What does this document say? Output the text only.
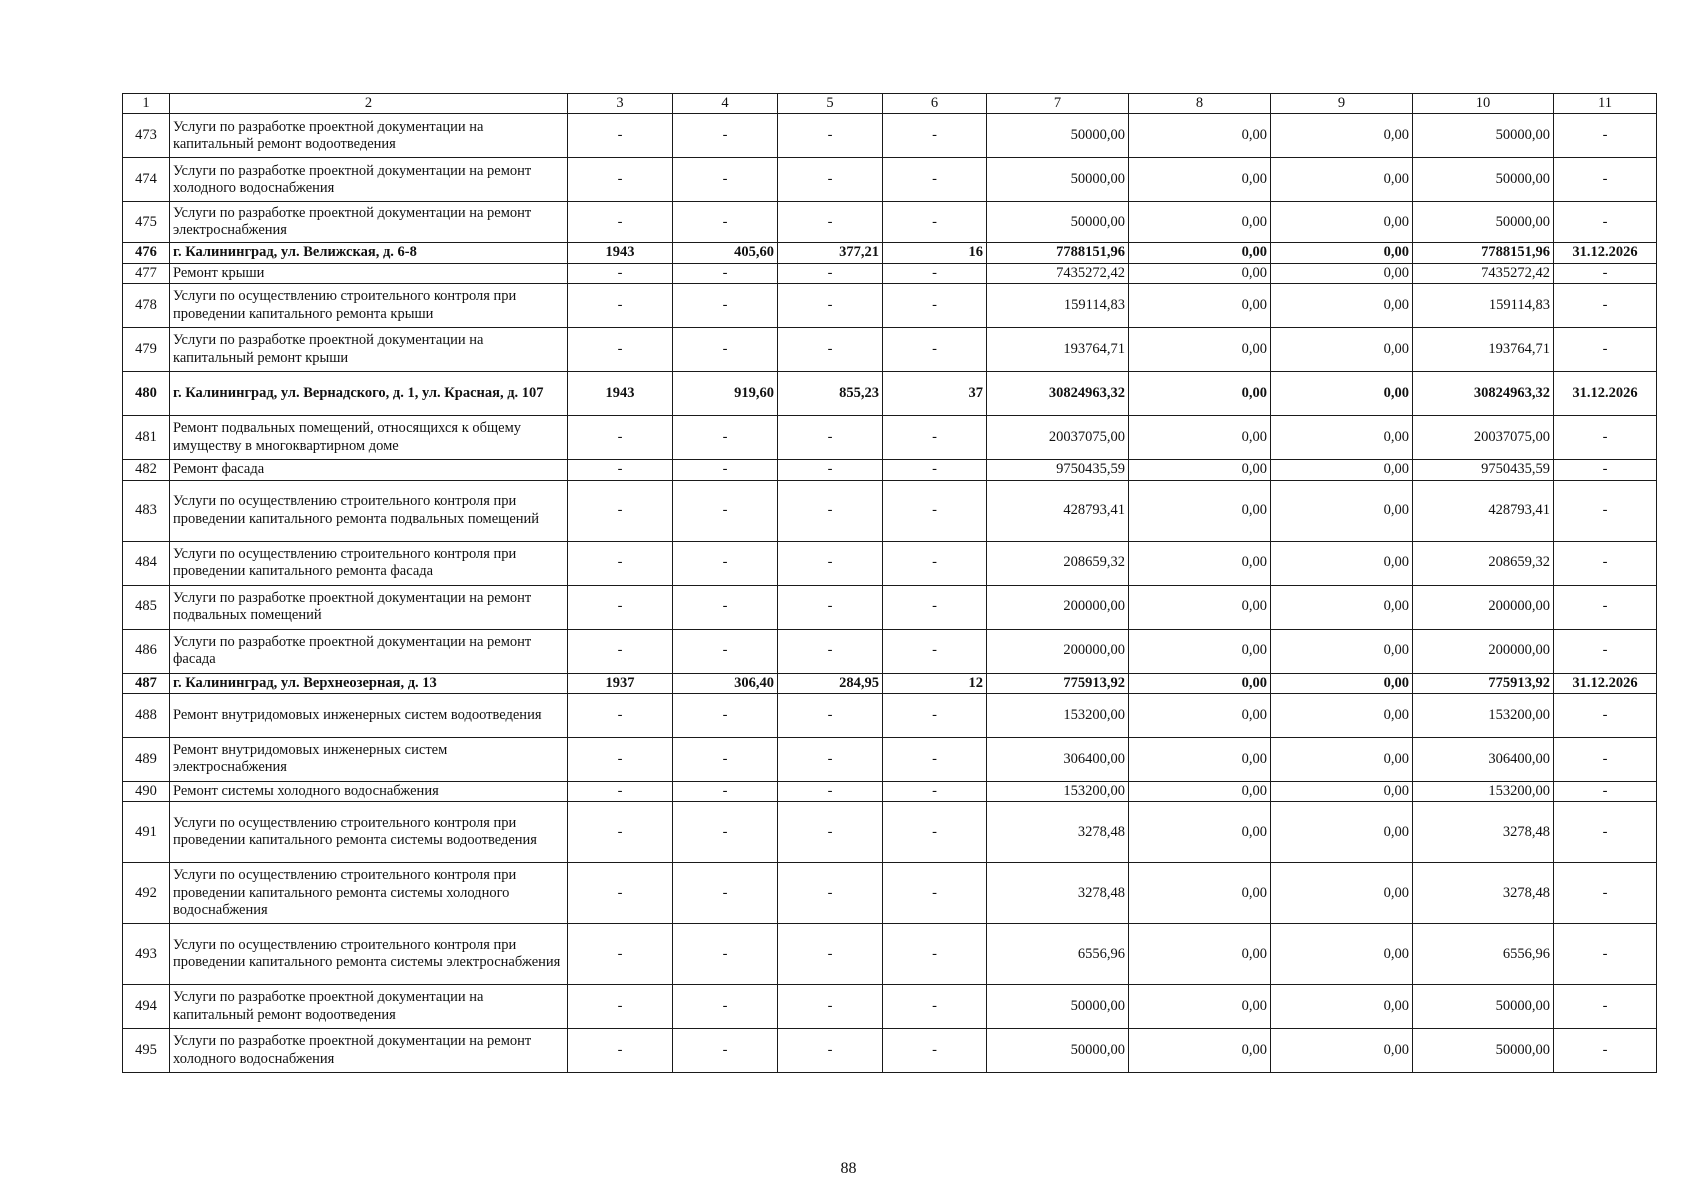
1	2	3	4	5	6	7	8	9	10	11
473	Услуги по разработке проектной документации на капитальный ремонт водоотведения	-	-	-	-	50000,00	0,00	0,00	50000,00	-
474	Услуги по разработке проектной документации на ремонт холодного водоснабжения	-	-	-	-	50000,00	0,00	0,00	50000,00	-
475	Услуги по разработке проектной документации на ремонт электроснабжения	-	-	-	-	50000,00	0,00	0,00	50000,00	-
476	г. Калининград, ул. Велижская, д. 6-8	1943	405,60	377,21	16	7788151,96	0,00	0,00	7788151,96	31.12.2026
477	Ремонт крыши	-	-	-	-	7435272,42	0,00	0,00	7435272,42	-
478	Услуги по осуществлению строительного контроля при проведении капитального ремонта крыши	-	-	-	-	159114,83	0,00	0,00	159114,83	-
479	Услуги по разработке проектной документации на капитальный ремонт крыши	-	-	-	-	193764,71	0,00	0,00	193764,71	-
480	г. Калининград, ул. Вернадского, д. 1, ул. Красная, д. 107	1943	919,60	855,23	37	30824963,32	0,00	0,00	30824963,32	31.12.2026
481	Ремонт подвальных помещений, относящихся к общему имуществу в многоквартирном доме	-	-	-	-	20037075,00	0,00	0,00	20037075,00	-
482	Ремонт фасада	-	-	-	-	9750435,59	0,00	0,00	9750435,59	-
483	Услуги по осуществлению строительного контроля при проведении капитального ремонта подвальных помещений	-	-	-	-	428793,41	0,00	0,00	428793,41	-
484	Услуги по осуществлению строительного контроля при проведении капитального ремонта фасада	-	-	-	-	208659,32	0,00	0,00	208659,32	-
485	Услуги по разработке проектной документации на ремонт подвальных помещений	-	-	-	-	200000,00	0,00	0,00	200000,00	-
486	Услуги по разработке проектной документации на ремонт фасада	-	-	-	-	200000,00	0,00	0,00	200000,00	-
487	г. Калининград, ул. Верхнеозерная, д. 13	1937	306,40	284,95	12	775913,92	0,00	0,00	775913,92	31.12.2026
488	Ремонт внутридомовых инженерных систем водоотведения	-	-	-	-	153200,00	0,00	0,00	153200,00	-
489	Ремонт внутридомовых инженерных систем электроснабжения	-	-	-	-	306400,00	0,00	0,00	306400,00	-
490	Ремонт системы холодного водоснабжения	-	-	-	-	153200,00	0,00	0,00	153200,00	-
491	Услуги по осуществлению строительного контроля при проведении капитального ремонта системы водоотведения	-	-	-	-	3278,48	0,00	0,00	3278,48	-
492	Услуги по осуществлению строительного контроля при проведении капитального ремонта системы холодного водоснабжения	-	-	-	-	3278,48	0,00	0,00	3278,48	-
493	Услуги по осуществлению строительного контроля при проведении капитального ремонта системы электроснабжения	-	-	-	-	6556,96	0,00	0,00	6556,96	-
494	Услуги по разработке проектной документации на капитальный ремонт водоотведения	-	-	-	-	50000,00	0,00	0,00	50000,00	-
495	Услуги по разработке проектной документации на ремонт холодного водоснабжения	-	-	-	-	50000,00	0,00	0,00	50000,00	-
88
